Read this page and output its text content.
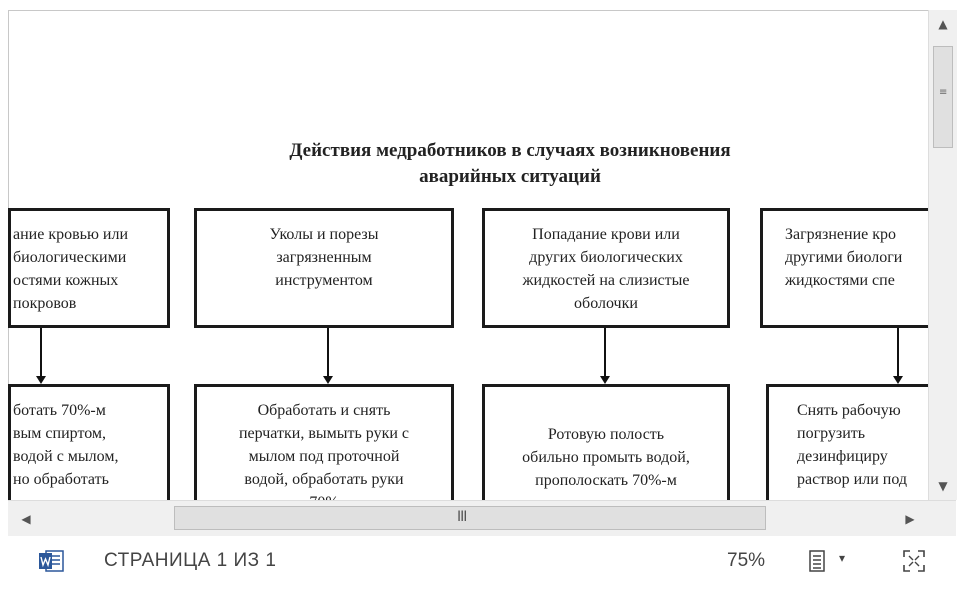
Действия медработников в случаях возникновения
аварийных ситуаций
ание кровью или
биологическими
остями кожных
покровов
Уколы и порезы
загрязненным
инструментом
Попадание крови или
других биологических
жидкостей на слизистые
оболочки
Загрязнение кро
другими биологи
жидкостями спе
ботать 70%-м
вым спиртом,
водой с мылом,
но обработать
Обработать и снять
перчатки, вымыть руки с
мылом под проточной
водой, обработать руки

Ротовую полость
обильно промыть водой,
прополоскать 70%-м
Снять рабочую
погрузить
дезинфициру
раствор или под
▲
≡
▼
◀	III	▶
СТРАНИЦА 1 ИЗ 1	75%	▾
